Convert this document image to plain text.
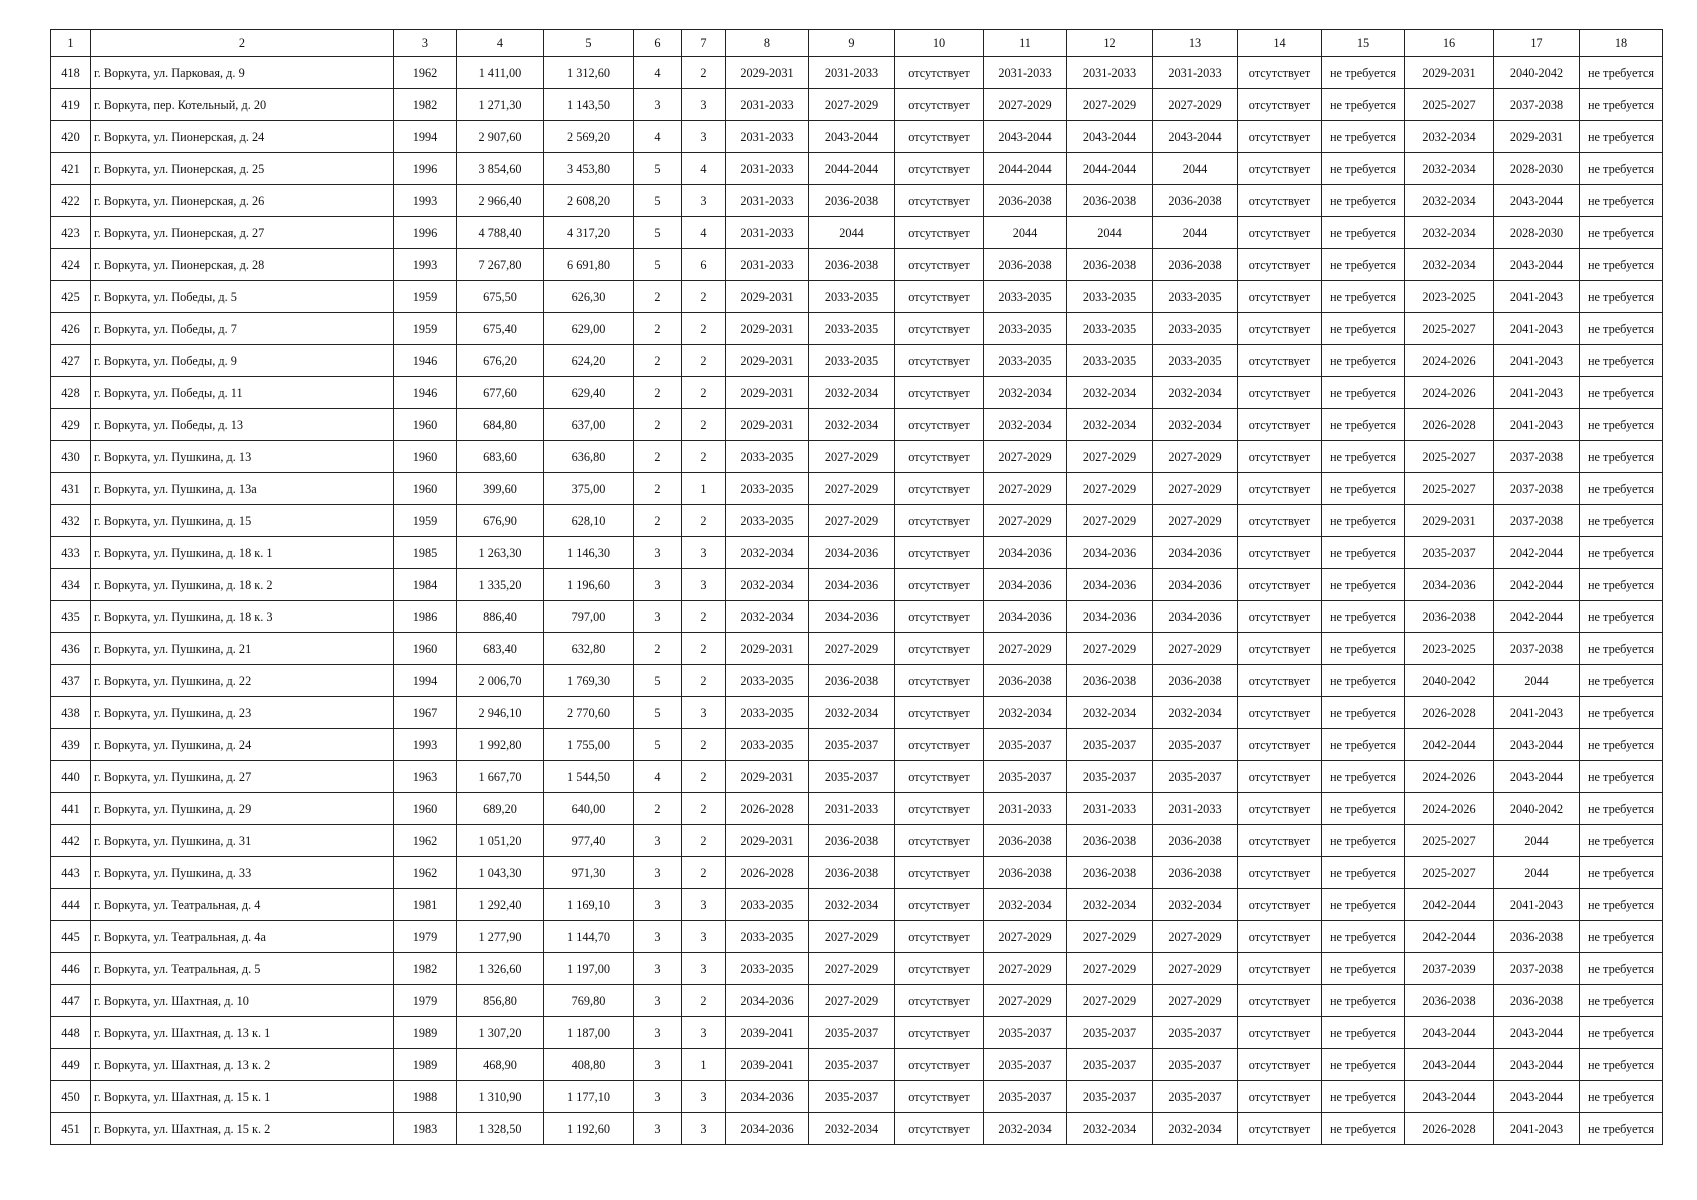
1	2	3	4	5	6	7	8	9	10	11	12	13	14	15	16	17	18
418	г. Воркута, ул. Парковая, д. 9	1962	1 411,00	1 312,60	4	2	2029-2031	2031-2033	отсутствует	2031-2033	2031-2033	2031-2033	отсутствует	не требуется	2029-2031	2040-2042	не требуется
419	г. Воркута, пер. Котельный, д. 20	1982	1 271,30	1 143,50	3	3	2031-2033	2027-2029	отсутствует	2027-2029	2027-2029	2027-2029	отсутствует	не требуется	2025-2027	2037-2038	не требуется
420	г. Воркута, ул. Пионерская, д. 24	1994	2 907,60	2 569,20	4	3	2031-2033	2043-2044	отсутствует	2043-2044	2043-2044	2043-2044	отсутствует	не требуется	2032-2034	2029-2031	не требуется
421	г. Воркута, ул. Пионерская, д. 25	1996	3 854,60	3 453,80	5	4	2031-2033	2044-2044	отсутствует	2044-2044	2044-2044	2044	отсутствует	не требуется	2032-2034	2028-2030	не требуется
422	г. Воркута, ул. Пионерская, д. 26	1993	2 966,40	2 608,20	5	3	2031-2033	2036-2038	отсутствует	2036-2038	2036-2038	2036-2038	отсутствует	не требуется	2032-2034	2043-2044	не требуется
423	г. Воркута, ул. Пионерская, д. 27	1996	4 788,40	4 317,20	5	4	2031-2033	2044	отсутствует	2044	2044	2044	отсутствует	не требуется	2032-2034	2028-2030	не требуется
424	г. Воркута, ул. Пионерская, д. 28	1993	7 267,80	6 691,80	5	6	2031-2033	2036-2038	отсутствует	2036-2038	2036-2038	2036-2038	отсутствует	не требуется	2032-2034	2043-2044	не требуется
425	г. Воркута, ул. Победы, д. 5	1959	675,50	626,30	2	2	2029-2031	2033-2035	отсутствует	2033-2035	2033-2035	2033-2035	отсутствует	не требуется	2023-2025	2041-2043	не требуется
426	г. Воркута, ул. Победы, д. 7	1959	675,40	629,00	2	2	2029-2031	2033-2035	отсутствует	2033-2035	2033-2035	2033-2035	отсутствует	не требуется	2025-2027	2041-2043	не требуется
427	г. Воркута, ул. Победы, д. 9	1946	676,20	624,20	2	2	2029-2031	2033-2035	отсутствует	2033-2035	2033-2035	2033-2035	отсутствует	не требуется	2024-2026	2041-2043	не требуется
428	г. Воркута, ул. Победы, д. 11	1946	677,60	629,40	2	2	2029-2031	2032-2034	отсутствует	2032-2034	2032-2034	2032-2034	отсутствует	не требуется	2024-2026	2041-2043	не требуется
429	г. Воркута, ул. Победы, д. 13	1960	684,80	637,00	2	2	2029-2031	2032-2034	отсутствует	2032-2034	2032-2034	2032-2034	отсутствует	не требуется	2026-2028	2041-2043	не требуется
430	г. Воркута, ул. Пушкина, д. 13	1960	683,60	636,80	2	2	2033-2035	2027-2029	отсутствует	2027-2029	2027-2029	2027-2029	отсутствует	не требуется	2025-2027	2037-2038	не требуется
431	г. Воркута, ул. Пушкина, д. 13а	1960	399,60	375,00	2	1	2033-2035	2027-2029	отсутствует	2027-2029	2027-2029	2027-2029	отсутствует	не требуется	2025-2027	2037-2038	не требуется
432	г. Воркута, ул. Пушкина, д. 15	1959	676,90	628,10	2	2	2033-2035	2027-2029	отсутствует	2027-2029	2027-2029	2027-2029	отсутствует	не требуется	2029-2031	2037-2038	не требуется
433	г. Воркута, ул. Пушкина, д. 18 к. 1	1985	1 263,30	1 146,30	3	3	2032-2034	2034-2036	отсутствует	2034-2036	2034-2036	2034-2036	отсутствует	не требуется	2035-2037	2042-2044	не требуется
434	г. Воркута, ул. Пушкина, д. 18 к. 2	1984	1 335,20	1 196,60	3	3	2032-2034	2034-2036	отсутствует	2034-2036	2034-2036	2034-2036	отсутствует	не требуется	2034-2036	2042-2044	не требуется
435	г. Воркута, ул. Пушкина, д. 18 к. 3	1986	886,40	797,00	3	2	2032-2034	2034-2036	отсутствует	2034-2036	2034-2036	2034-2036	отсутствует	не требуется	2036-2038	2042-2044	не требуется
436	г. Воркута, ул. Пушкина, д. 21	1960	683,40	632,80	2	2	2029-2031	2027-2029	отсутствует	2027-2029	2027-2029	2027-2029	отсутствует	не требуется	2023-2025	2037-2038	не требуется
437	г. Воркута, ул. Пушкина, д. 22	1994	2 006,70	1 769,30	5	2	2033-2035	2036-2038	отсутствует	2036-2038	2036-2038	2036-2038	отсутствует	не требуется	2040-2042	2044	не требуется
438	г. Воркута, ул. Пушкина, д. 23	1967	2 946,10	2 770,60	5	3	2033-2035	2032-2034	отсутствует	2032-2034	2032-2034	2032-2034	отсутствует	не требуется	2026-2028	2041-2043	не требуется
439	г. Воркута, ул. Пушкина, д. 24	1993	1 992,80	1 755,00	5	2	2033-2035	2035-2037	отсутствует	2035-2037	2035-2037	2035-2037	отсутствует	не требуется	2042-2044	2043-2044	не требуется
440	г. Воркута, ул. Пушкина, д. 27	1963	1 667,70	1 544,50	4	2	2029-2031	2035-2037	отсутствует	2035-2037	2035-2037	2035-2037	отсутствует	не требуется	2024-2026	2043-2044	не требуется
441	г. Воркута, ул. Пушкина, д. 29	1960	689,20	640,00	2	2	2026-2028	2031-2033	отсутствует	2031-2033	2031-2033	2031-2033	отсутствует	не требуется	2024-2026	2040-2042	не требуется
442	г. Воркута, ул. Пушкина, д. 31	1962	1 051,20	977,40	3	2	2029-2031	2036-2038	отсутствует	2036-2038	2036-2038	2036-2038	отсутствует	не требуется	2025-2027	2044	не требуется
443	г. Воркута, ул. Пушкина, д. 33	1962	1 043,30	971,30	3	2	2026-2028	2036-2038	отсутствует	2036-2038	2036-2038	2036-2038	отсутствует	не требуется	2025-2027	2044	не требуется
444	г. Воркута, ул. Театральная, д. 4	1981	1 292,40	1 169,10	3	3	2033-2035	2032-2034	отсутствует	2032-2034	2032-2034	2032-2034	отсутствует	не требуется	2042-2044	2041-2043	не требуется
445	г. Воркута, ул. Театральная, д. 4а	1979	1 277,90	1 144,70	3	3	2033-2035	2027-2029	отсутствует	2027-2029	2027-2029	2027-2029	отсутствует	не требуется	2042-2044	2036-2038	не требуется
446	г. Воркута, ул. Театральная, д. 5	1982	1 326,60	1 197,00	3	3	2033-2035	2027-2029	отсутствует	2027-2029	2027-2029	2027-2029	отсутствует	не требуется	2037-2039	2037-2038	не требуется
447	г. Воркута, ул. Шахтная, д. 10	1979	856,80	769,80	3	2	2034-2036	2027-2029	отсутствует	2027-2029	2027-2029	2027-2029	отсутствует	не требуется	2036-2038	2036-2038	не требуется
448	г. Воркута, ул. Шахтная, д. 13 к. 1	1989	1 307,20	1 187,00	3	3	2039-2041	2035-2037	отсутствует	2035-2037	2035-2037	2035-2037	отсутствует	не требуется	2043-2044	2043-2044	не требуется
449	г. Воркута, ул. Шахтная, д. 13 к. 2	1989	468,90	408,80	3	1	2039-2041	2035-2037	отсутствует	2035-2037	2035-2037	2035-2037	отсутствует	не требуется	2043-2044	2043-2044	не требуется
450	г. Воркута, ул. Шахтная, д. 15 к. 1	1988	1 310,90	1 177,10	3	3	2034-2036	2035-2037	отсутствует	2035-2037	2035-2037	2035-2037	отсутствует	не требуется	2043-2044	2043-2044	не требуется
451	г. Воркута, ул. Шахтная, д. 15 к. 2	1983	1 328,50	1 192,60	3	3	2034-2036	2032-2034	отсутствует	2032-2034	2032-2034	2032-2034	отсутствует	не требуется	2026-2028	2041-2043	не требуется
